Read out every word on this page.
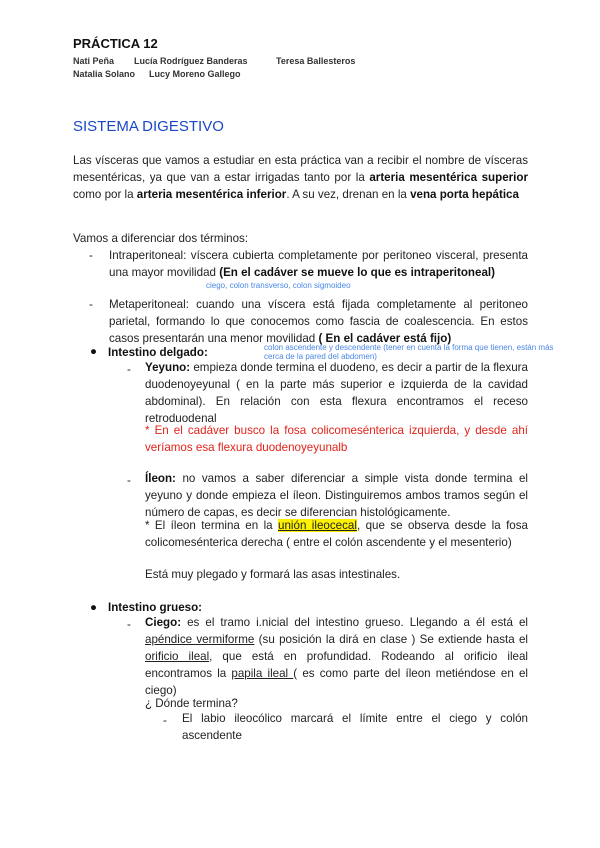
PRÁCTICA 12
Nati Peña Lucía Rodríguez Banderas	Teresa Ballesteros
Natalia Solano Lucy Moreno Gallego
SISTEMA DIGESTIVO
Las vísceras que vamos a estudiar en esta práctica van a recibir el nombre de vísceras mesentéricas, ya que van a estar irrigadas tanto por la arteria mesentérica superior como por la arteria mesentérica inferior. A su vez, drenan en la vena porta hepática
Vamos a diferenciar dos términos:
- Intraperitoneal: víscera cubierta completamente por peritoneo visceral, presenta una mayor movilidad (En el cadáver se mueve lo que es intraperitoneal)
ciego, colon transverso, colon sigmoideo
- Metaperitoneal: cuando una víscera está fijada completamente al peritoneo parietal, formando lo que conocemos como fascia de coalescencia. En estos casos presentarán una menor movilidad ( En el cadáver está fijo)
colon ascendente y descendente (tener en cuenta la forma que tienen, están más cerca de la pared del abdomen)
● Intestino delgado:
- Yeyuno: empieza donde termina el duodeno, es decir a partir de la flexura duodenoyeyunal ( en la parte más superior e izquierda de la cavidad abdominal). En relación con esta flexura encontramos el receso retroduodenal
* En el cadáver busco la fosa colicomesénterica izquierda, y desde ahí veríamos esa flexura duodenoyeyunalb
- Íleon: no vamos a saber diferenciar a simple vista donde termina el yeyuno y donde empieza el íleon. Distinguiremos ambos tramos según el número de capas, es decir se diferencian histológicamente.
* El íleon termina en la unión ileocecal, que se observa desde la fosa colicomesénterica derecha ( entre el colón ascendente y el mesenterio)
Está muy plegado y formará las asas intestinales.
● Intestino grueso:
- Ciego: es el tramo i.nicial del intestino grueso. Llegando a él está el apéndice vermiforme (su posición la dirá en clase ) Se extiende hasta el orificio ileal, que está en profundidad. Rodeando al orificio ileal encontramos la papila ileal ( es como parte del íleon metiéndose en el ciego)
¿ Dónde termina?
- El labio ileocólico marcará el límite entre el ciego y colón ascendente
